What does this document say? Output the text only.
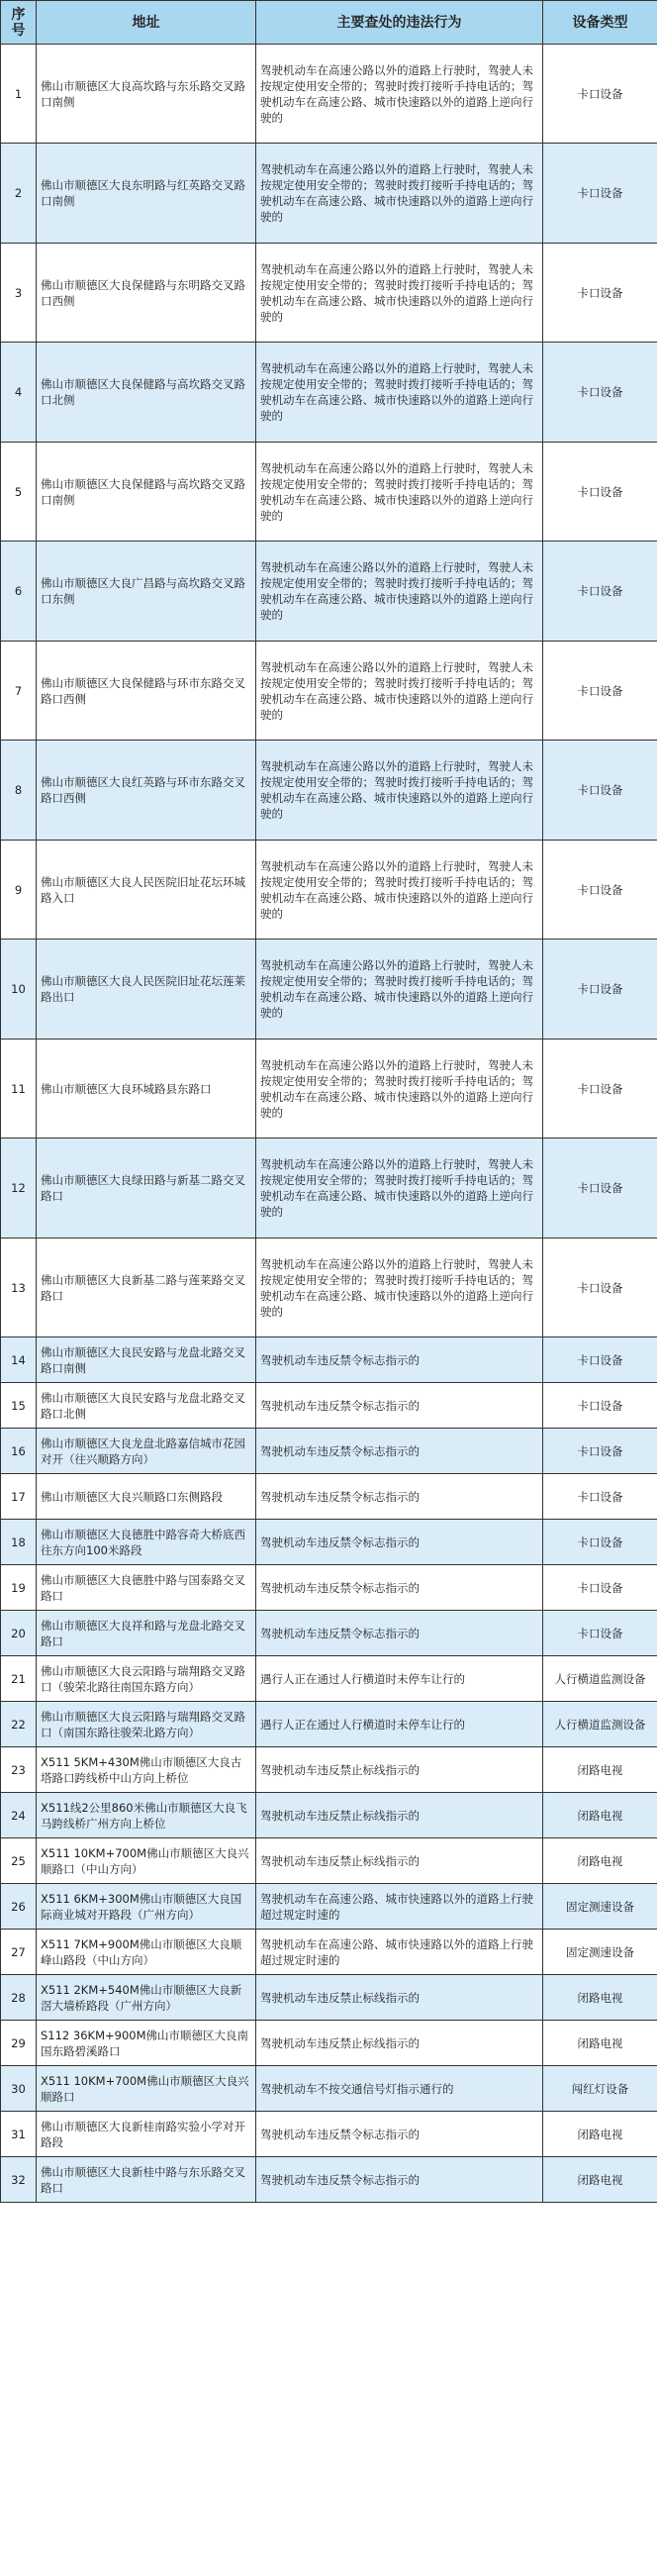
序号	地址	主要查处的违法行为	设备类型
1	佛山市顺德区大良高坎路与东乐路交叉路口南侧	驾驶机动车在高速公路以外的道路上行驶时，驾驶人未按规定使用安全带的；驾驶时拨打接听手持电话的；驾驶机动车在高速公路、城市快速路以外的道路上逆向行驶的	卡口设备
2	佛山市顺德区大良东明路与红英路交叉路口南侧	驾驶机动车在高速公路以外的道路上行驶时，驾驶人未按规定使用安全带的；驾驶时拨打接听手持电话的；驾驶机动车在高速公路、城市快速路以外的道路上逆向行驶的	卡口设备
3	佛山市顺德区大良保健路与东明路交叉路口西侧	驾驶机动车在高速公路以外的道路上行驶时，驾驶人未按规定使用安全带的；驾驶时拨打接听手持电话的；驾驶机动车在高速公路、城市快速路以外的道路上逆向行驶的	卡口设备
4	佛山市顺德区大良保健路与高坎路交叉路口北侧	驾驶机动车在高速公路以外的道路上行驶时，驾驶人未按规定使用安全带的；驾驶时拨打接听手持电话的；驾驶机动车在高速公路、城市快速路以外的道路上逆向行驶的	卡口设备
5	佛山市顺德区大良保健路与高坎路交叉路口南侧	驾驶机动车在高速公路以外的道路上行驶时，驾驶人未按规定使用安全带的；驾驶时拨打接听手持电话的；驾驶机动车在高速公路、城市快速路以外的道路上逆向行驶的	卡口设备
6	佛山市顺德区大良广昌路与高坎路交叉路口东侧	驾驶机动车在高速公路以外的道路上行驶时，驾驶人未按规定使用安全带的；驾驶时拨打接听手持电话的；驾驶机动车在高速公路、城市快速路以外的道路上逆向行驶的	卡口设备
7	佛山市顺德区大良保健路与环市东路交叉路口西侧	驾驶机动车在高速公路以外的道路上行驶时，驾驶人未按规定使用安全带的；驾驶时拨打接听手持电话的；驾驶机动车在高速公路、城市快速路以外的道路上逆向行驶的	卡口设备
8	佛山市顺德区大良红英路与环市东路交叉路口西侧	驾驶机动车在高速公路以外的道路上行驶时，驾驶人未按规定使用安全带的；驾驶时拨打接听手持电话的；驾驶机动车在高速公路、城市快速路以外的道路上逆向行驶的	卡口设备
9	佛山市顺德区大良人民医院旧址花坛环城路入口	驾驶机动车在高速公路以外的道路上行驶时，驾驶人未按规定使用安全带的；驾驶时拨打接听手持电话的；驾驶机动车在高速公路、城市快速路以外的道路上逆向行驶的	卡口设备
10	佛山市顺德区大良人民医院旧址花坛莲莱路出口	驾驶机动车在高速公路以外的道路上行驶时，驾驶人未按规定使用安全带的；驾驶时拨打接听手持电话的；驾驶机动车在高速公路、城市快速路以外的道路上逆向行驶的	卡口设备
11	佛山市顺德区大良环城路县东路口	驾驶机动车在高速公路以外的道路上行驶时，驾驶人未按规定使用安全带的；驾驶时拨打接听手持电话的；驾驶机动车在高速公路、城市快速路以外的道路上逆向行驶的	卡口设备
12	佛山市顺德区大良绿田路与新基二路交叉路口	驾驶机动车在高速公路以外的道路上行驶时，驾驶人未按规定使用安全带的；驾驶时拨打接听手持电话的；驾驶机动车在高速公路、城市快速路以外的道路上逆向行驶的	卡口设备
13	佛山市顺德区大良新基二路与莲莱路交叉路口	驾驶机动车在高速公路以外的道路上行驶时，驾驶人未按规定使用安全带的；驾驶时拨打接听手持电话的；驾驶机动车在高速公路、城市快速路以外的道路上逆向行驶的	卡口设备
14	佛山市顺德区大良民安路与龙盘北路交叉路口南侧	驾驶机动车违反禁令标志指示的	卡口设备
15	佛山市顺德区大良民安路与龙盘北路交叉路口北侧	驾驶机动车违反禁令标志指示的	卡口设备
16	佛山市顺德区大良龙盘北路嘉信城市花园对开（往兴顺路方向）	驾驶机动车违反禁令标志指示的	卡口设备
17	佛山市顺德区大良兴顺路口东侧路段	驾驶机动车违反禁令标志指示的	卡口设备
18	佛山市顺德区大良德胜中路容奇大桥底西往东方向100米路段	驾驶机动车违反禁令标志指示的	卡口设备
19	佛山市顺德区大良德胜中路与国泰路交叉路口	驾驶机动车违反禁令标志指示的	卡口设备
20	佛山市顺德区大良祥和路与龙盘北路交叉路口	驾驶机动车违反禁令标志指示的	卡口设备
21	佛山市顺德区大良云阳路与瑞翔路交叉路口（骏荣北路往南国东路方向）	遇行人正在通过人行横道时未停车让行的	人行横道监测设备
22	佛山市顺德区大良云阳路与瑞翔路交叉路口（南国东路往骏荣北路方向）	遇行人正在通过人行横道时未停车让行的	人行横道监测设备
23	X511 5KM+430M佛山市顺德区大良古塔路口跨线桥中山方向上桥位	驾驶机动车违反禁止标线指示的	闭路电视
24	X511线2公里860米佛山市顺德区大良飞马跨线桥广州方向上桥位	驾驶机动车违反禁止标线指示的	闭路电视
25	X511 10KM+700M佛山市顺德区大良兴顺路口（中山方向）	驾驶机动车违反禁止标线指示的	闭路电视
26	X511 6KM+300M佛山市顺德区大良国际商业城对开路段（广州方向）	驾驶机动车在高速公路、城市快速路以外的道路上行驶超过规定时速的	固定测速设备
27	X511 7KM+900M佛山市顺德区大良顺峰山路段（中山方向）	驾驶机动车在高速公路、城市快速路以外的道路上行驶超过规定时速的	固定测速设备
28	X511 2KM+540M佛山市顺德区大良新滘大墙桥路段（广州方向）	驾驶机动车违反禁止标线指示的	闭路电视
29	S112 36KM+900M佛山市顺德区大良南国东路碧溪路口	驾驶机动车违反禁止标线指示的	闭路电视
30	X511 10KM+700M佛山市顺德区大良兴顺路口	驾驶机动车不按交通信号灯指示通行的	闯红灯设备
31	佛山市顺德区大良新桂南路实验小学对开路段	驾驶机动车违反禁令标志指示的	闭路电视
32	佛山市顺德区大良新桂中路与东乐路交叉路口	驾驶机动车违反禁令标志指示的	闭路电视
